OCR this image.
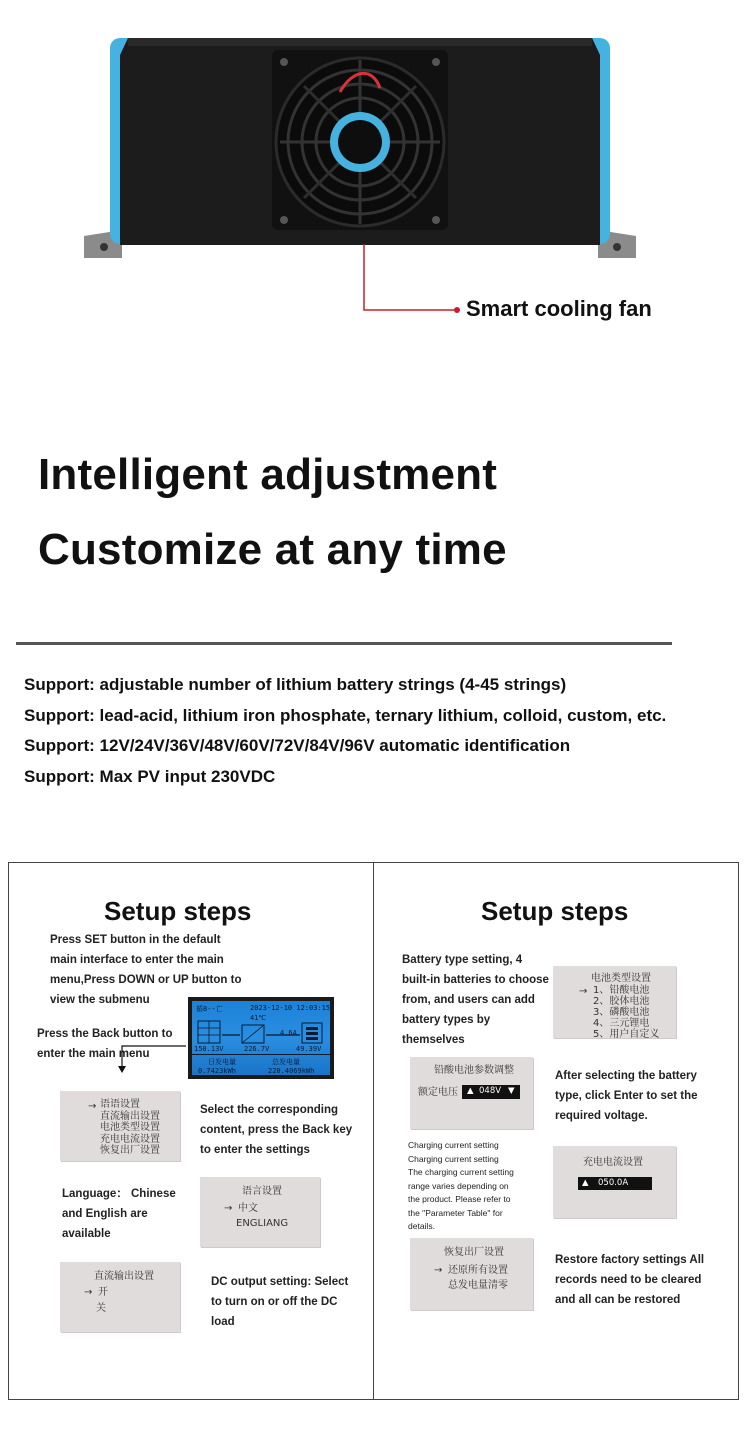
Smart cooling fan
Intelligent adjustment
Customize at any time
Support: adjustable number of lithium battery strings (4-45 strings)
Support: lead-acid, lithium iron phosphate, ternary lithium, colloid, custom, etc.
Support: 12V/24V/36V/48V/60V/72V/84V/96V automatic identification
Support: Max PV input 230VDC
Setup steps
Press SET button in the default main interface to enter the main menu,Press DOWN or UP button to view the submenu
Press the Back button to enter the main menu
循8--亡	2023-12-10 12:03:15
41℃
4.6A
150.13V	226.7V	49.39V
日发电量	总发电量
0.7423kWh	220.4069kWh
→ 语语设置
直流输出设置
电池类型设置
充电电流设置
恢复出厂设置
Select the corresponding content, press the Back key to enter the settings
Language： Chinese and English are available
语言设置
→ 中文
ENGLIANG
直流输出设置
→ 开
关
DC output setting: Select to turn on or off the DC load
Setup steps
Battery type setting, 4 built-in batteries to choose from, and users can add battery types by themselves
电池类型设置
→ 1、铅酸电池
2、胶体电池
3、磷酸电池
4、三元锂电
5、用户自定义
铅酸电池参数调整
额定电压 ▲ 048V ▼
After selecting the battery type, click Enter to set the required voltage.
Charging current setting
Charging current setting
The charging current setting
range varies depending on
the product. Please refer to
the "Parameter Table" for
details.
充电电流设置
▲ 050.0A
恢复出厂设置
→ 还原所有设置
总发电量清零
Restore factory settings All records need to be cleared and all can be restored
